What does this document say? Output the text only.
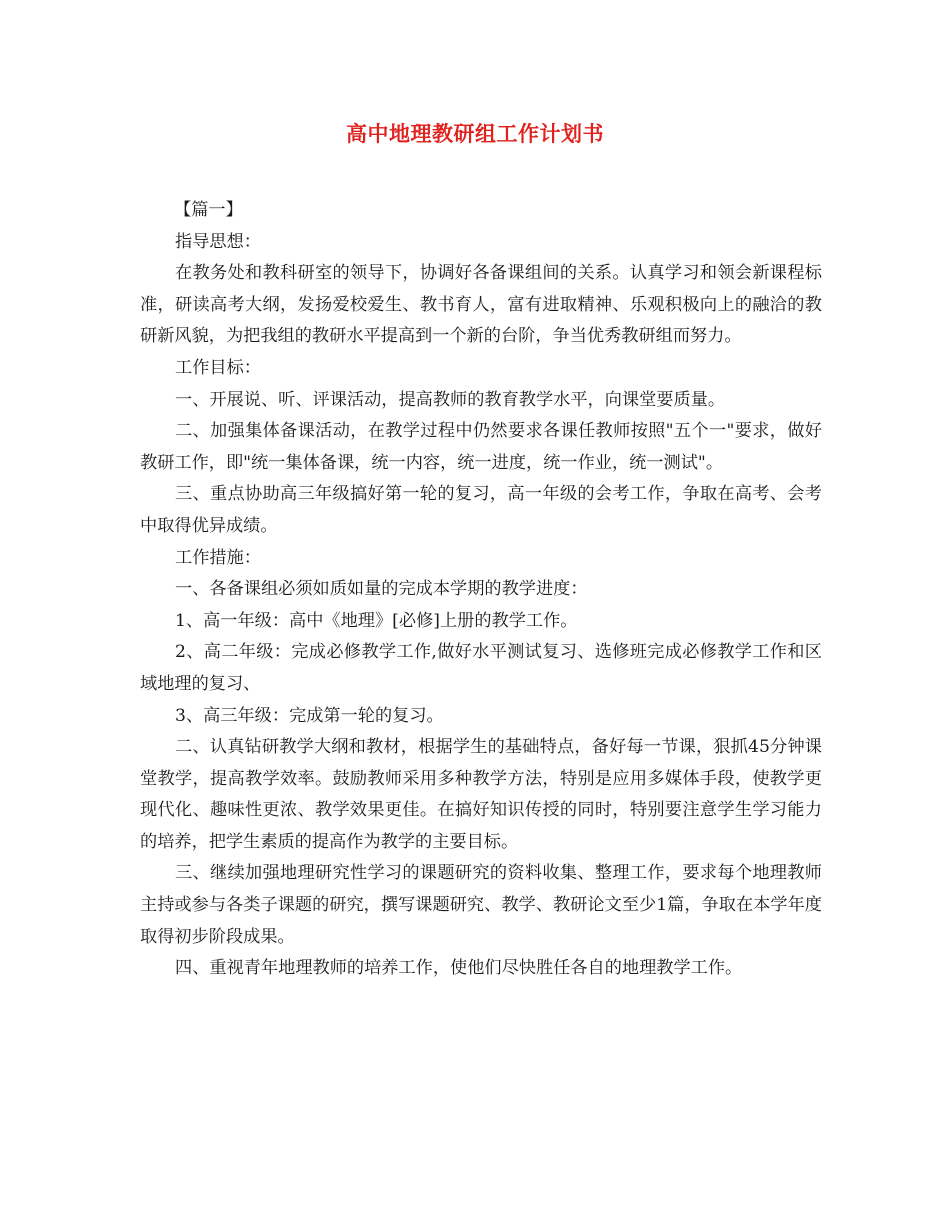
高中地理教研组工作计划书

【篇一】

指导思想：

在教务处和教科研室的领导下，协调好各备课组间的关系。认真学习和领会新课程标准，研读高考大纲，发扬爱校爱生、教书育人，富有进取精神、乐观积极向上的融洽的教研新风貌，为把我组的教研水平提高到一个新的台阶，争当优秀教研组而努力。

工作目标：

一、开展说、听、评课活动，提高教师的教育教学水平，向课堂要质量。

二、加强集体备课活动，在教学过程中仍然要求各课任教师按照"五个一"要求，做好教研工作，即"统一集体备课，统一内容，统一进度，统一作业，统一测试"。

三、重点协助高三年级搞好第一轮的复习，高一年级的会考工作，争取在高考、会考中取得优异成绩。

工作措施：

一、各备课组必须如质如量的完成本学期的教学进度：

1、高一年级：高中《地理》[必修]上册的教学工作。

2、高二年级：完成必修教学工作,做好水平测试复习、选修班完成必修教学工作和区域地理的复习、

3、高三年级：完成第一轮的复习。

二、认真钻研教学大纲和教材，根据学生的基础特点，备好每一节课，狠抓45分钟课堂教学，提高教学效率。鼓励教师采用多种教学方法，特别是应用多媒体手段，使教学更现代化、趣味性更浓、教学效果更佳。在搞好知识传授的同时，特别要注意学生学习能力的培养，把学生素质的提高作为教学的主要目标。

三、继续加强地理研究性学习的课题研究的资料收集、整理工作，要求每个地理教师主持或参与各类子课题的研究，撰写课题研究、教学、教研论文至少1篇，争取在本学年度取得初步阶段成果。

四、重视青年地理教师的培养工作，使他们尽快胜任各自的地理教学工作。
